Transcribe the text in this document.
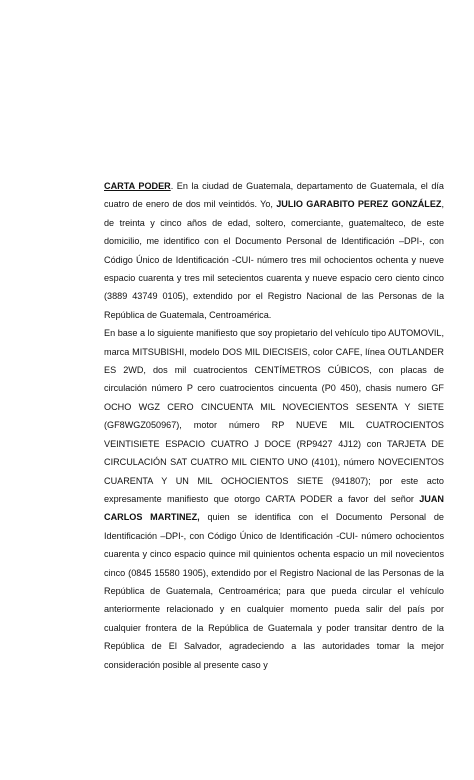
CARTA PODER. En la ciudad de Guatemala, departamento de Guatemala, el día cuatro de enero de dos mil veintidós. Yo, JULIO GARABITO PEREZ GONZÁLEZ, de treinta y cinco años de edad, soltero, comerciante, guatemalteco, de este domicilio, me identifico con el Documento Personal de Identificación –DPI-, con Código Único de Identificación -CUI- número tres mil ochocientos ochenta y nueve espacio cuarenta y tres mil setecientos cuarenta y nueve espacio cero ciento cinco (3889 43749 0105), extendido por el Registro Nacional de las Personas de la República de Guatemala, Centroamérica.

En base a lo siguiente manifiesto que soy propietario del vehículo tipo AUTOMOVIL, marca MITSUBISHI, modelo DOS MIL DIECISEIS, color CAFE, línea OUTLANDER ES 2WD, dos mil cuatrocientos CENTÍMETROS CÚBICOS, con placas de circulación número P cero cuatrocientos cincuenta (P0 450), chasis numero GF OCHO WGZ CERO CINCUENTA MIL NOVECIENTOS SESENTA Y SIETE (GF8WGZ050967), motor número RP NUEVE MIL CUATROCIENTOS VEINTISIETE ESPACIO CUATRO J DOCE (RP9427 4J12) con TARJETA DE CIRCULACIÓN SAT CUATRO MIL CIENTO UNO (4101), número NOVECIENTOS CUARENTA Y UN MIL OCHOCIENTOS SIETE (941807); por este acto expresamente manifiesto que otorgo CARTA PODER a favor del señor JUAN CARLOS MARTINEZ, quien se identifica con el Documento Personal de Identificación –DPI-, con Código Único de Identificación -CUI- número ochocientos cuarenta y cinco espacio quince mil quinientos ochenta espacio un mil novecientos cinco (0845 15580 1905), extendido por el Registro Nacional de las Personas de la República de Guatemala, Centroamérica; para que pueda circular el vehículo anteriormente relacionado y en cualquier momento pueda salir del país por cualquier frontera de la República de Guatemala y poder transitar dentro de la República de El Salvador, agradeciendo a las autoridades tomar la mejor consideración posible al presente caso y
